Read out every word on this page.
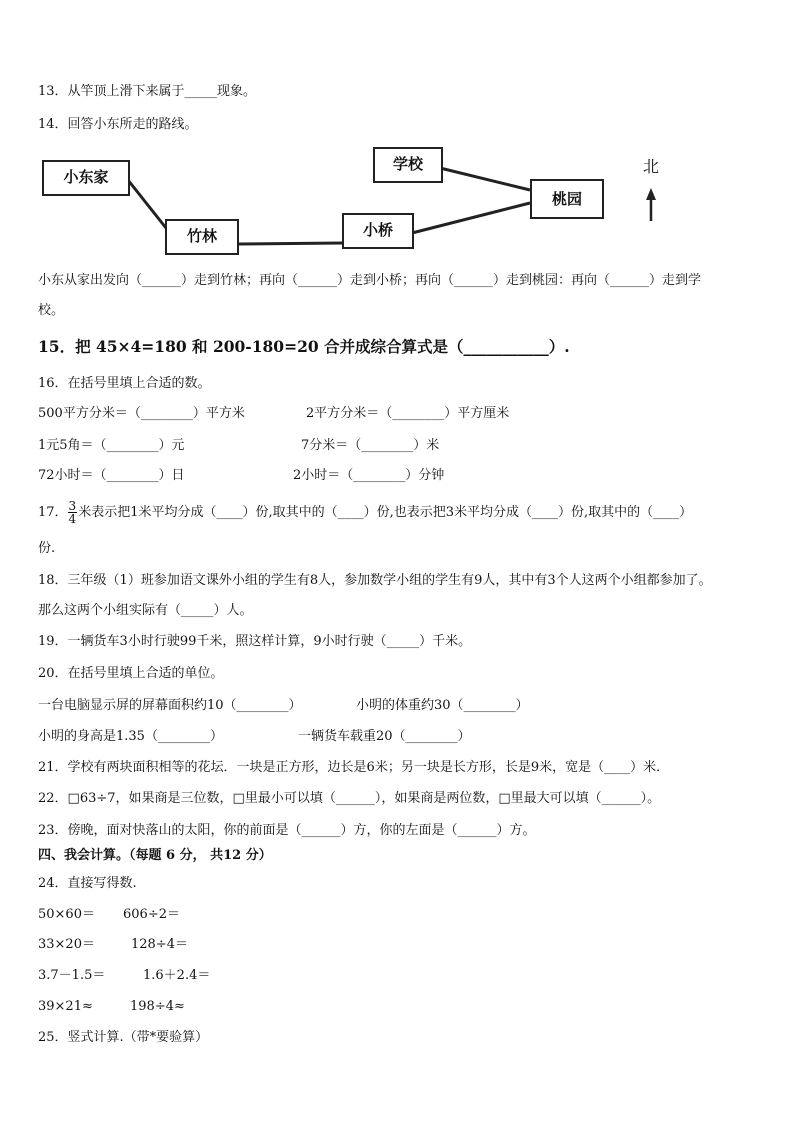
13．从竿顶上滑下来属于_____现象。
14．回答小东所走的路线。
小东家
竹林	小桥
学校
桃园
北
小东从家出发向（______）走到竹林；再向（______）走到小桥；再向（______）走到桃园：再向（______）走到学
校。
15．把 45×4=180 和 200-180=20 合并成综合算式是（___________）.
16．在括号里填上合适的数。
500平方分米＝（________）平方米	2平方分米＝（________）平方厘米
1元5角＝（________）元	7分米＝（________）米
72小时＝（________）日	2小时＝（________）分钟
17． $\frac{3}{4}$ 米表示把1米平均分成（____）份,取其中的（____）份,也表示把3米平均分成（____）份,取其中的（____）
份.
18．三年级（1）班参加语文课外小组的学生有8人，参加数学小组的学生有9人，其中有3个人这两个小组都参加了。
那么这两个小组实际有（_____）人。
19．一辆货车3小时行驶99千米，照这样计算，9小时行驶（_____）千米。
20．在括号里填上合适的单位。
一台电脑显示屏的屏幕面积约10（________）	小明的体重约30（________）
小明的身高是1.35（________）	一辆货车载重20（________）
21．学校有两块面积相等的花坛．一块是正方形，边长是6米；另一块是长方形，长是9米，宽是（____）米．
22．□63÷7，如果商是三位数，□里最小可以填（______），如果商是两位数，□里最大可以填（______）。
23．傍晚，面对快落山的太阳，你的前面是（______）方，你的左面是（______）方。
四、我会计算。（每题 6 分， 共12 分）
24．直接写得数.
50×60＝ 606÷2＝
33×20＝	128÷4＝
3.7－1.5＝	1.6＋2.4＝
39×21≈	198÷4≈
25．竖式计算.（带*要验算）
